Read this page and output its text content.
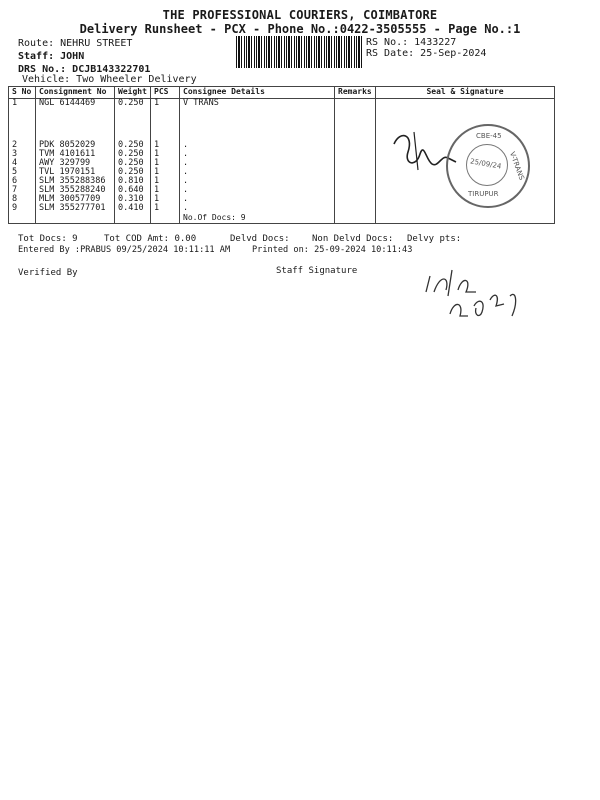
THE PROFESSIONAL COURIERS, COIMBATORE
Delivery Runsheet - PCX - Phone No.:0422-3505555 - Page No.:1
Route: NEHRU STREET
Staff: JOHN
DRS No.: DCJB143322701
Vehicle: Two Wheeler Delivery
RS No.: 1433227
RS Date: 25-Sep-2024
S No	Consignment No	Weight	PCS	Consignee Details	Remarks	Seal & Signature
1	NGL 6144469	0.250	1	V TRANS		
2	PDK 8052029	0.250	1	.		
3	TVM 4101611	0.250	1	.		
4	AWY 329799	0.250	1	.		
5	TVL 1970151	0.250	1	.		
6	SLM 355288386	0.810	1	.		
7	SLM 355288240	0.640	1	.		
8	MLM 30057709	0.310	1	.		
9	SLM 355277701	0.410	1	.		
				No.Of Docs: 9		
CBE-45
V-TRANS
TIRUPUR
25/09/24
Tot Docs: 9	Tot COD Amt: 0.00	Delvd Docs: Non Delvd Docs: Delvy pts:
Entered By :PRABUS 09/25/2024 10:11:11 AM	Printed on: 25-09-2024 10:11:43
Verified By	Staff Signature
